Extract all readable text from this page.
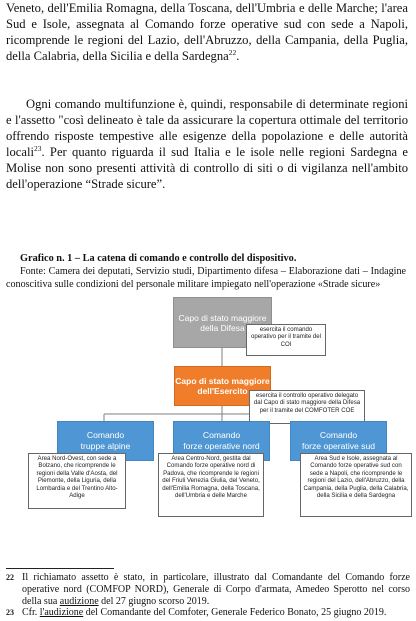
Veneto, dell'Emilia Romagna, della Toscana, dell'Umbria e delle Marche; l'area Sud e Isole, assegnata al Comando forze operative sud con sede a Napoli, ricomprende le regioni del Lazio, dell'Abruzzo, della Campania, della Puglia, della Calabria, della Sicilia e della Sardegna$^{22}$.

Ogni comando multifunzione è, quindi, responsabile di determinate regioni e l'assetto "così delineato è tale da assicurare la copertura ottimale del territorio offrendo risposte tempestive alle esigenze della popolazione e delle autorità locali$^{23}$. Per quanto riguarda il sud Italia e le isole nelle regioni Sardegna e Molise non sono presenti attività di controllo di siti o di vigilanza nell'ambito dell'operazione “Strade sicure”.

Grafico n. 1 – La catena di comando e controllo del dispositivo.
Fonte: Camera dei deputati, Servizio studi, Dipartimento difesa – Elaborazione dati – Indagine conoscitiva sulle condizioni del personale militare impiegato nell'operazione «Strade sicure»
Capo di stato maggiore della Difesa	esercita il comando operativo per il tramite del COI
Capo di stato maggiore dell'Esercito	esercita il controllo operativo delegato dal Capo di stato maggiore della Difesa per il tramite del COMFOTER COE
Comando
truppe alpine
Comando
forze operative nord
Comando
forze operative sud
Area Nord-Ovest, con sede a Bolzano, che ricomprende le regioni della Valle d'Aosta, del Piemonte, della Liguria, della Lombardia e del Trentino Alto-Adige
Area Centro-Nord, gestita dal Comando forze operative nord di Padova, che ricomprende le regioni del Friuli Venezia Giulia, del Veneto, dell'Emilia Romagna, della Toscana, dell'Umbria e delle Marche
Area Sud e Isole, assegnata al Comando forze operative sud con sede a Napoli, che ricomprende le regioni del Lazio, dell'Abruzzo, della Campania, della Puglia, della Calabria, della Sicilia e della Sardegna
22 Il richiamato assetto è stato, in particolare, illustrato dal Comandante del Comando forze operative nord (COMFOP NORD), Generale di Corpo d'armata, Amedeo Sperotto nel corso della sua audizione del 27 giugno scorso 2019.
23 Cfr. l'audizione del Comandante del Comfoter, Generale Federico Bonato, 25 giugno 2019.
